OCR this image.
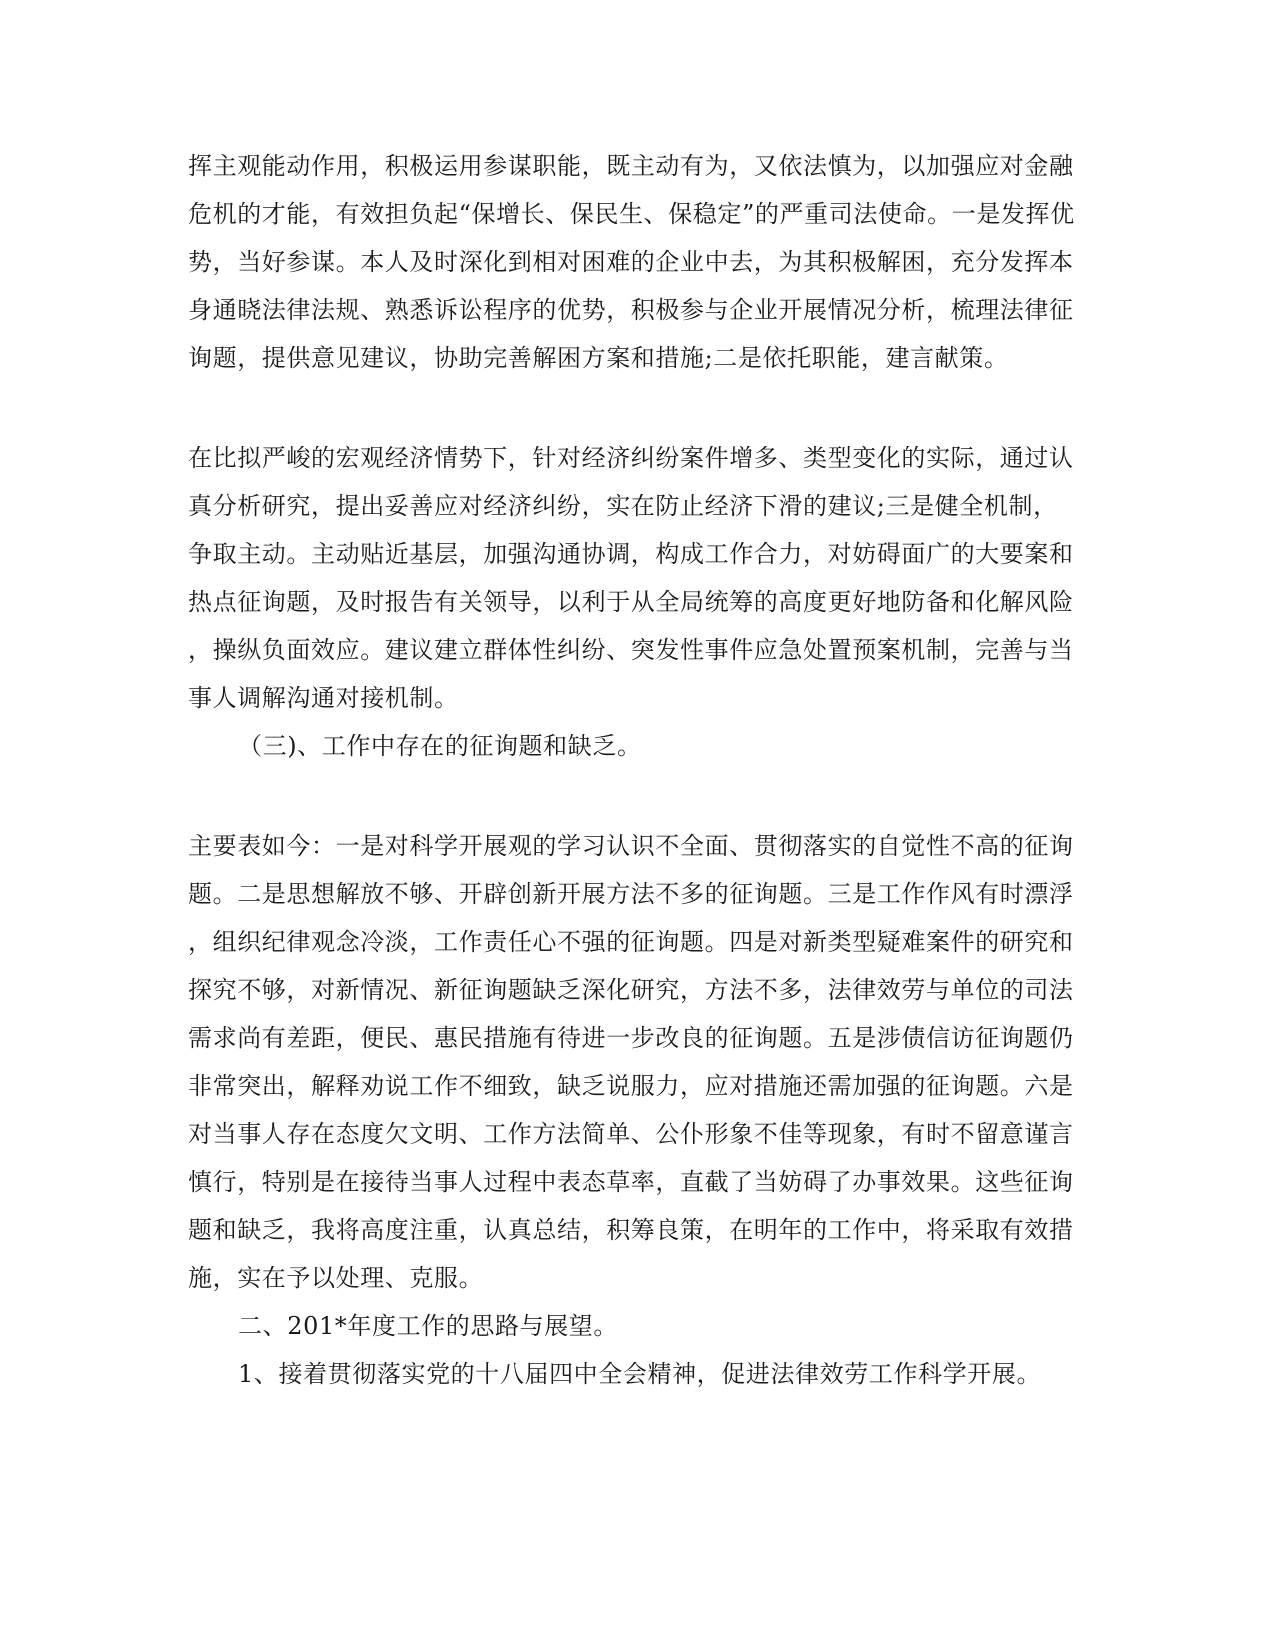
挥主观能动作用，积极运用参谋职能，既主动有为，又依法慎为，以加强应对金融
危机的才能，有效担负起“保增长、保民生、保稳定”的严重司法使命。一是发挥优
势，当好参谋。本人及时深化到相对困难的企业中去，为其积极解困，充分发挥本
身通晓法律法规、熟悉诉讼程序的优势，积极参与企业开展情况分析，梳理法律征
询题，提供意见建议，协助完善解困方案和措施;二是依托职能，建言献策。
在比拟严峻的宏观经济情势下，针对经济纠纷案件增多、类型变化的实际，通过认
真分析研究，提出妥善应对经济纠纷，实在防止经济下滑的建议;三是健全机制，
争取主动。主动贴近基层，加强沟通协调，构成工作合力，对妨碍面广的大要案和
热点征询题，及时报告有关领导，以利于从全局统筹的高度更好地防备和化解风险
，操纵负面效应。建议建立群体性纠纷、突发性事件应急处置预案机制，完善与当
事人调解沟通对接机制。
（三)、工作中存在的征询题和缺乏。
主要表如今：一是对科学开展观的学习认识不全面、贯彻落实的自觉性不高的征询
题。二是思想解放不够、开辟创新开展方法不多的征询题。三是工作作风有时漂浮
，组织纪律观念冷淡，工作责任心不强的征询题。四是对新类型疑难案件的研究和
探究不够，对新情况、新征询题缺乏深化研究，方法不多，法律效劳与单位的司法
需求尚有差距，便民、惠民措施有待进一步改良的征询题。五是涉债信访征询题仍
非常突出，解释劝说工作不细致，缺乏说服力，应对措施还需加强的征询题。六是
对当事人存在态度欠文明、工作方法简单、公仆形象不佳等现象，有时不留意谨言
慎行，特别是在接待当事人过程中表态草率，直截了当妨碍了办事效果。这些征询
题和缺乏，我将高度注重，认真总结，积筹良策，在明年的工作中，将采取有效措
施，实在予以处理、克服。
二、201*年度工作的思路与展望。
1、接着贯彻落实党的十八届四中全会精神，促进法律效劳工作科学开展。
